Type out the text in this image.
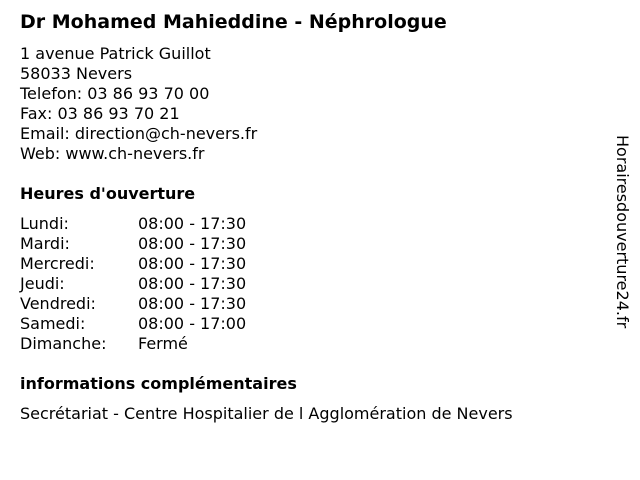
Dr Mohamed Mahieddine - Néphrologue
1 avenue Patrick Guillot
58033 Nevers
Telefon: 03 86 93 70 00
Fax: 03 86 93 70 21
Email: direction@ch-nevers.fr
Web: www.ch-nevers.fr
Heures d'ouverture
Lundi:	08:00 - 17:30
Mardi:	08:00 - 17:30
Mercredi:	08:00 - 17:30
Jeudi:	08:00 - 17:30
Vendredi:	08:00 - 17:30
Samedi:	08:00 - 17:00
Dimanche: Fermé
informations complémentaires
Secrétariat - Centre Hospitalier de l Agglomération de Nevers
Horairesdouverture24.fr
